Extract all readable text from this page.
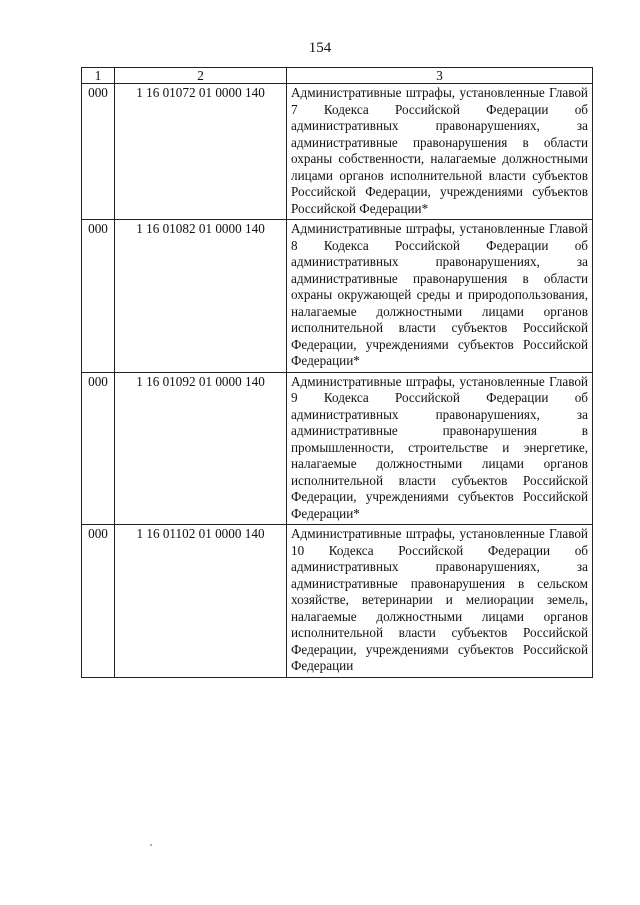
154
1	2	3
000	1 16 01072 01 0000 140	Административные штрафы, установленные Главой 7 Кодекса Российской Федерации об административных правонарушениях, за административные правонарушения в области охраны собственности, налагаемые должностными лицами органов исполнительной власти субъектов Российской Федерации, учреждениями субъектов Российской Федерации*
000	1 16 01082 01 0000 140	Административные штрафы, установленные Главой 8 Кодекса Российской Федерации об административных правонарушениях, за административные правонарушения в области охраны окружающей среды и природопользования, налагаемые должностными лицами органов исполнительной власти субъектов Российской Федерации, учреждениями субъектов Российской Федерации*
000	1 16 01092 01 0000 140	Административные штрафы, установленные Главой 9 Кодекса Российской Федерации об административных правонарушениях, за административные правонарушения в промышленности, строительстве и энергетике, налагаемые должностными лицами органов исполнительной власти субъектов Российской Федерации, учреждениями субъектов Российской Федерации*
000	1 16 01102 01 0000 140	Административные штрафы, установленные Главой 10 Кодекса Российской Федерации об административных правонарушениях, за административные правонарушения в сельском хозяйстве, ветеринарии и мелиорации земель, налагаемые должностными лицами органов исполнительной власти субъектов Российской Федерации, учреждениями субъектов Российской Федерации
